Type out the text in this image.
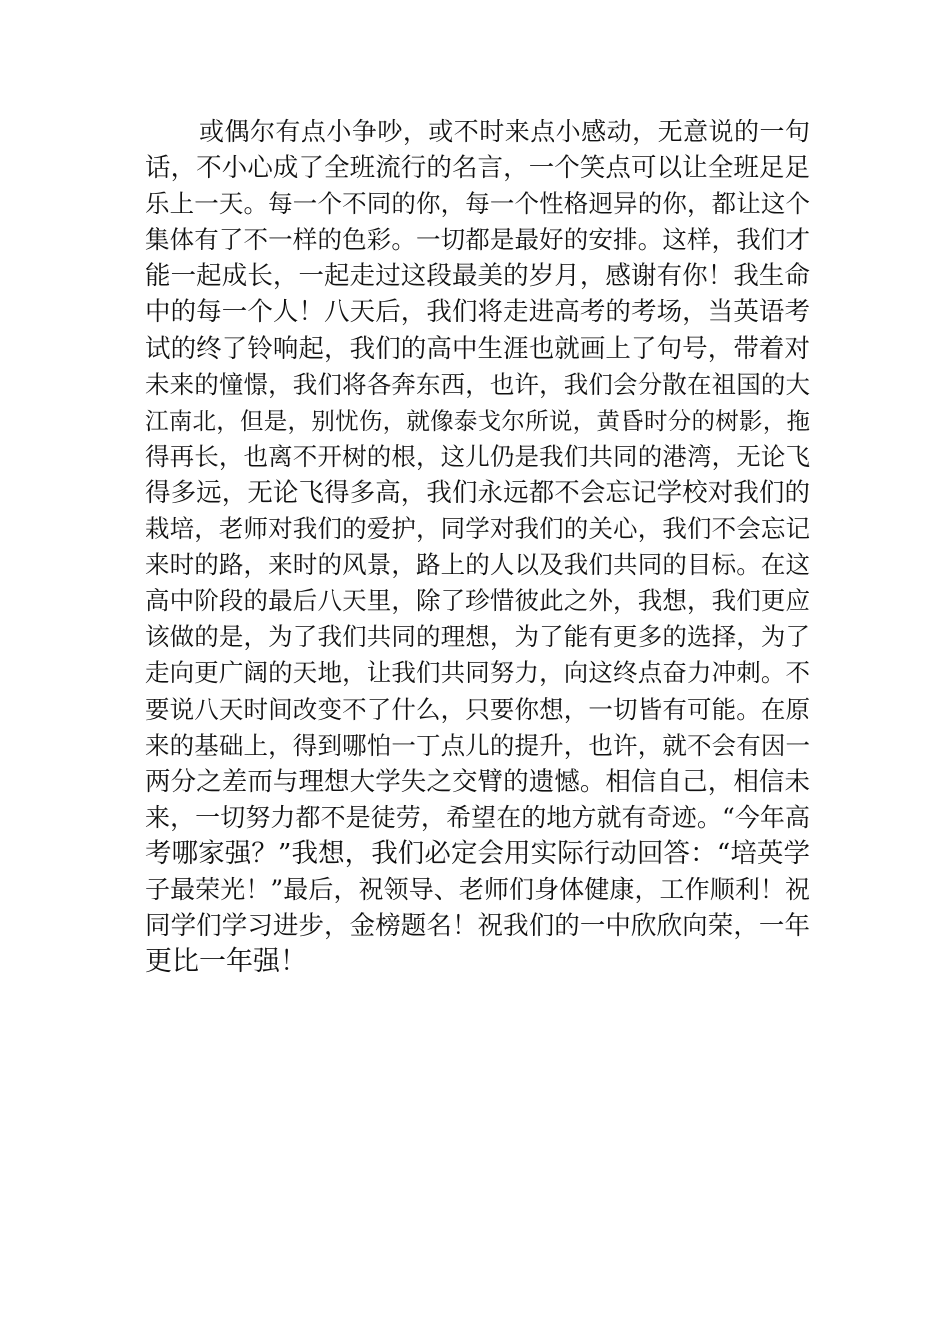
或偶尔有点小争吵，或不时来点小感动，无意说的一句
话，不小心成了全班流行的名言，一个笑点可以让全班足足
乐上一天。每一个不同的你，每一个性格迥异的你，都让这个
集体有了不一样的色彩。一切都是最好的安排。这样，我们才
能一起成长，一起走过这段最美的岁月，感谢有你！我生命
中的每一个人！八天后，我们将走进高考的考场，当英语考
试的终了铃响起，我们的高中生涯也就画上了句号，带着对
未来的憧憬，我们将各奔东西，也许，我们会分散在祖国的大
江南北，但是，别忧伤，就像泰戈尔所说，黄昏时分的树影，拖
得再长，也离不开树的根，这儿仍是我们共同的港湾，无论飞
得多远，无论飞得多高，我们永远都不会忘记学校对我们的
栽培，老师对我们的爱护，同学对我们的关心，我们不会忘记
来时的路，来时的风景，路上的人以及我们共同的目标。在这
高中阶段的最后八天里，除了珍惜彼此之外，我想，我们更应
该做的是，为了我们共同的理想，为了能有更多的选择，为了
走向更广阔的天地，让我们共同努力，向这终点奋力冲刺。不
要说八天时间改变不了什么，只要你想，一切皆有可能。在原
来的基础上，得到哪怕一丁点儿的提升，也许，就不会有因一
两分之差而与理想大学失之交臂的遗憾。相信自己，相信未
来，一切努力都不是徒劳，希望在的地方就有奇迹。“今年高
考哪家强？”我想，我们必定会用实际行动回答：“培英学
子最荣光！”最后，祝领导、老师们身体健康，工作顺利！祝
同学们学习进步，金榜题名！祝我们的一中欣欣向荣，一年
更比一年强！
